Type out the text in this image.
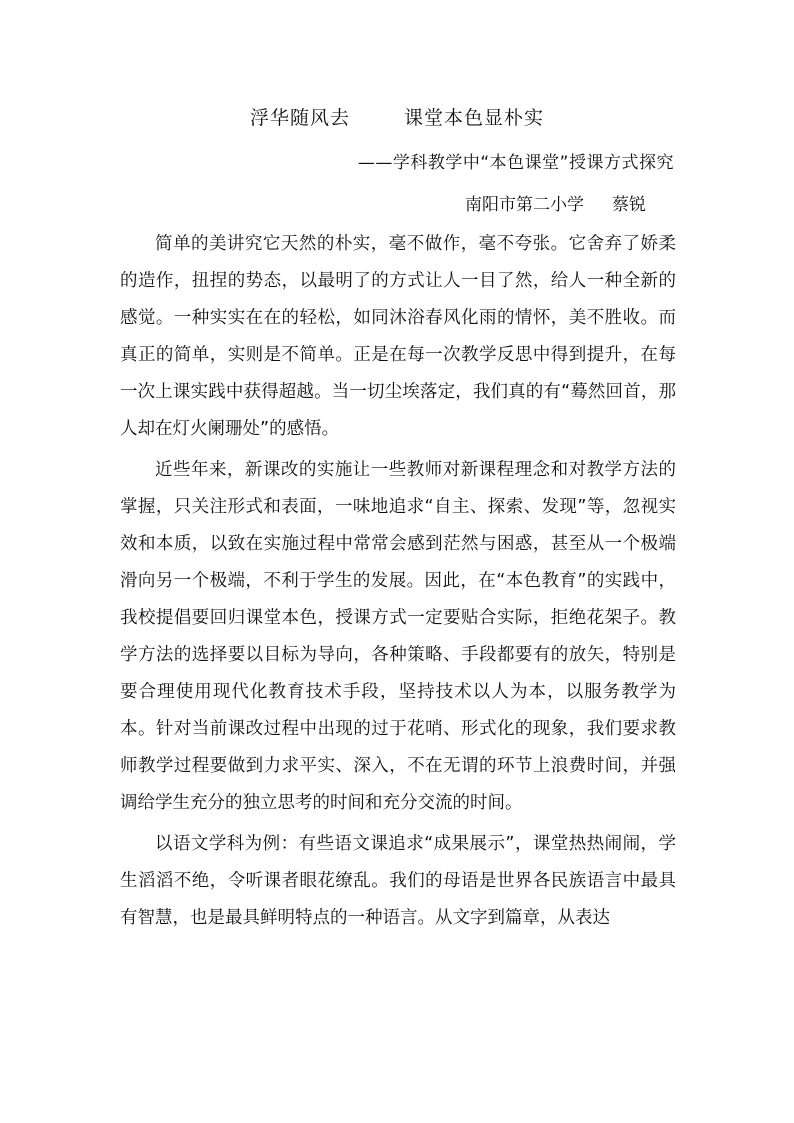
浮华随风去	课堂本色显朴实
——学科教学中“本色课堂”授课方式探究
南阳市第二小学 蔡锐

简单的美讲究它天然的朴实，毫不做作，毫不夸张。它舍弃了娇柔的造作，扭捏的势态，以最明了的方式让人一目了然，给人一种全新的感觉。一种实实在在的轻松，如同沐浴春风化雨的情怀，美不胜收。而真正的简单，实则是不简单。正是在每一次教学反思中得到提升，在每一次上课实践中获得超越。当一切尘埃落定，我们真的有“蓦然回首，那人却在灯火阑珊处”的感悟。

近些年来，新课改的实施让一些教师对新课程理念和对教学方法的掌握，只关注形式和表面，一味地追求“自主、探索、发现”等，忽视实效和本质，以致在实施过程中常常会感到茫然与困惑，甚至从一个极端滑向另一个极端，不利于学生的发展。因此，在“本色教育”的实践中，我校提倡要回归课堂本色，授课方式一定要贴合实际，拒绝花架子。教学方法的选择要以目标为导向，各种策略、手段都要有的放矢，特别是要合理使用现代化教育技术手段，坚持技术以人为本，以服务教学为本。针对当前课改过程中出现的过于花哨、形式化的现象，我们要求教师教学过程要做到力求平实、深入，不在无谓的环节上浪费时间，并强调给学生充分的独立思考的时间和充分交流的时间。

以语文学科为例：有些语文课追求“成果展示”，课堂热热闹闹，学生滔滔不绝，令听课者眼花缭乱。我们的母语是世界各民族语言中最具有智慧，也是最具鲜明特点的一种语言。从文字到篇章，从表达
